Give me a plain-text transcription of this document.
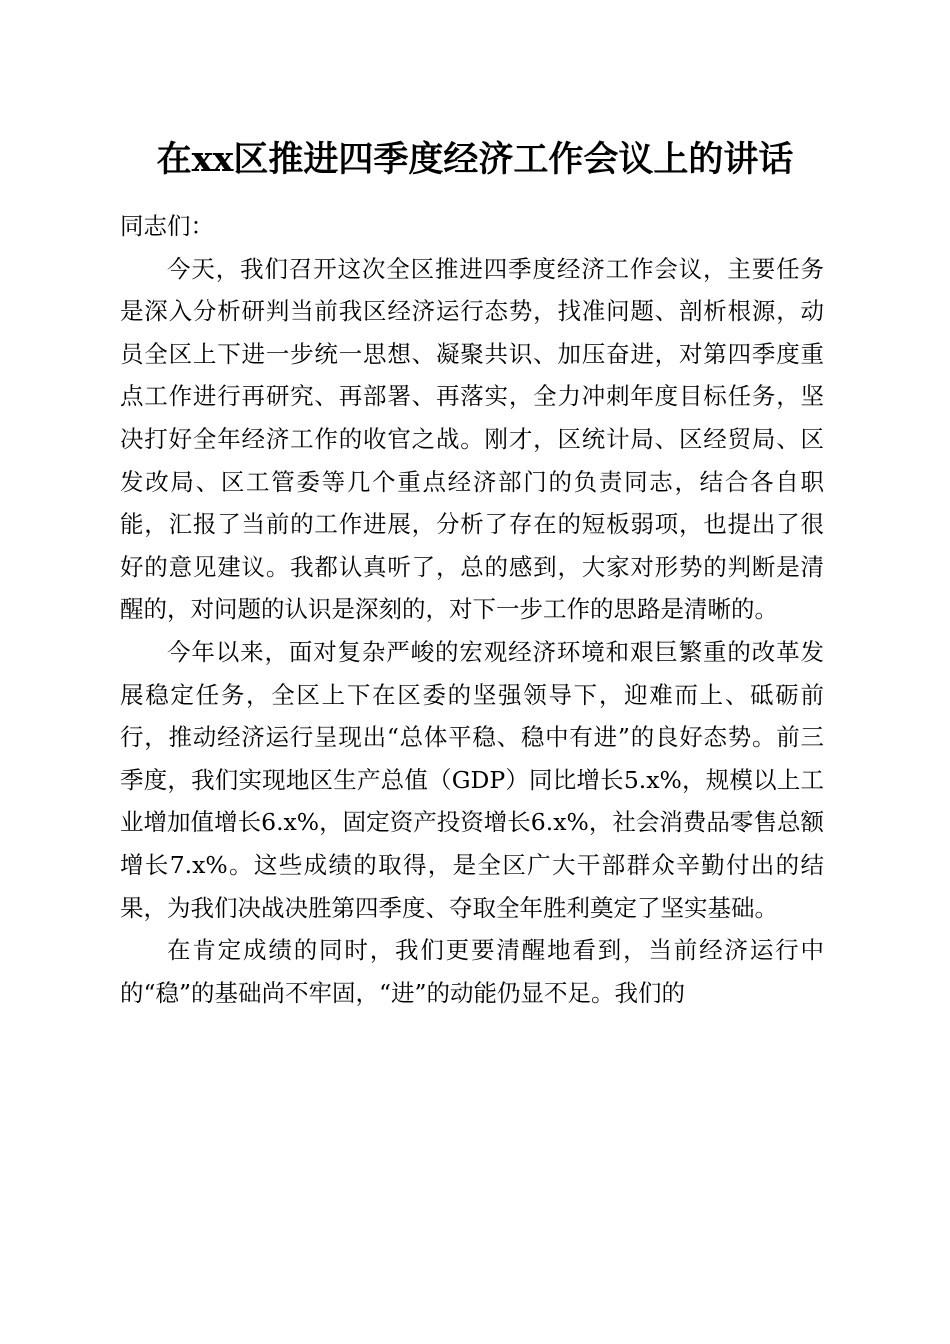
在xx区推进四季度经济工作会议上的讲话

同志们：

今天，我们召开这次全区推进四季度经济工作会议，主要任务是深入分析研判当前我区经济运行态势，找准问题、剖析根源，动员全区上下进一步统一思想、凝聚共识、加压奋进，对第四季度重点工作进行再研究、再部署、再落实，全力冲刺年度目标任务，坚决打好全年经济工作的收官之战。刚才，区统计局、区经贸局、区发改局、区工管委等几个重点经济部门的负责同志，结合各自职能，汇报了当前的工作进展，分析了存在的短板弱项，也提出了很好的意见建议。我都认真听了，总的感到，大家对形势的判断是清醒的，对问题的认识是深刻的，对下一步工作的思路是清晰的。

今年以来，面对复杂严峻的宏观经济环境和艰巨繁重的改革发展稳定任务，全区上下在区委的坚强领导下，迎难而上、砥砺前行，推动经济运行呈现出“总体平稳、稳中有进”的良好态势。前三季度，我们实现地区生产总值（GDP）同比增长5.x%，规模以上工业增加值增长6.x%，固定资产投资增长6.x%，社会消费品零售总额增长7.x%。这些成绩的取得，是全区广大干部群众辛勤付出的结果，为我们决战决胜第四季度、夺取全年胜利奠定了坚实基础。

在肯定成绩的同时，我们更要清醒地看到，当前经济运行中的“稳”的基础尚不牢固，“进”的动能仍显不足。我们的
